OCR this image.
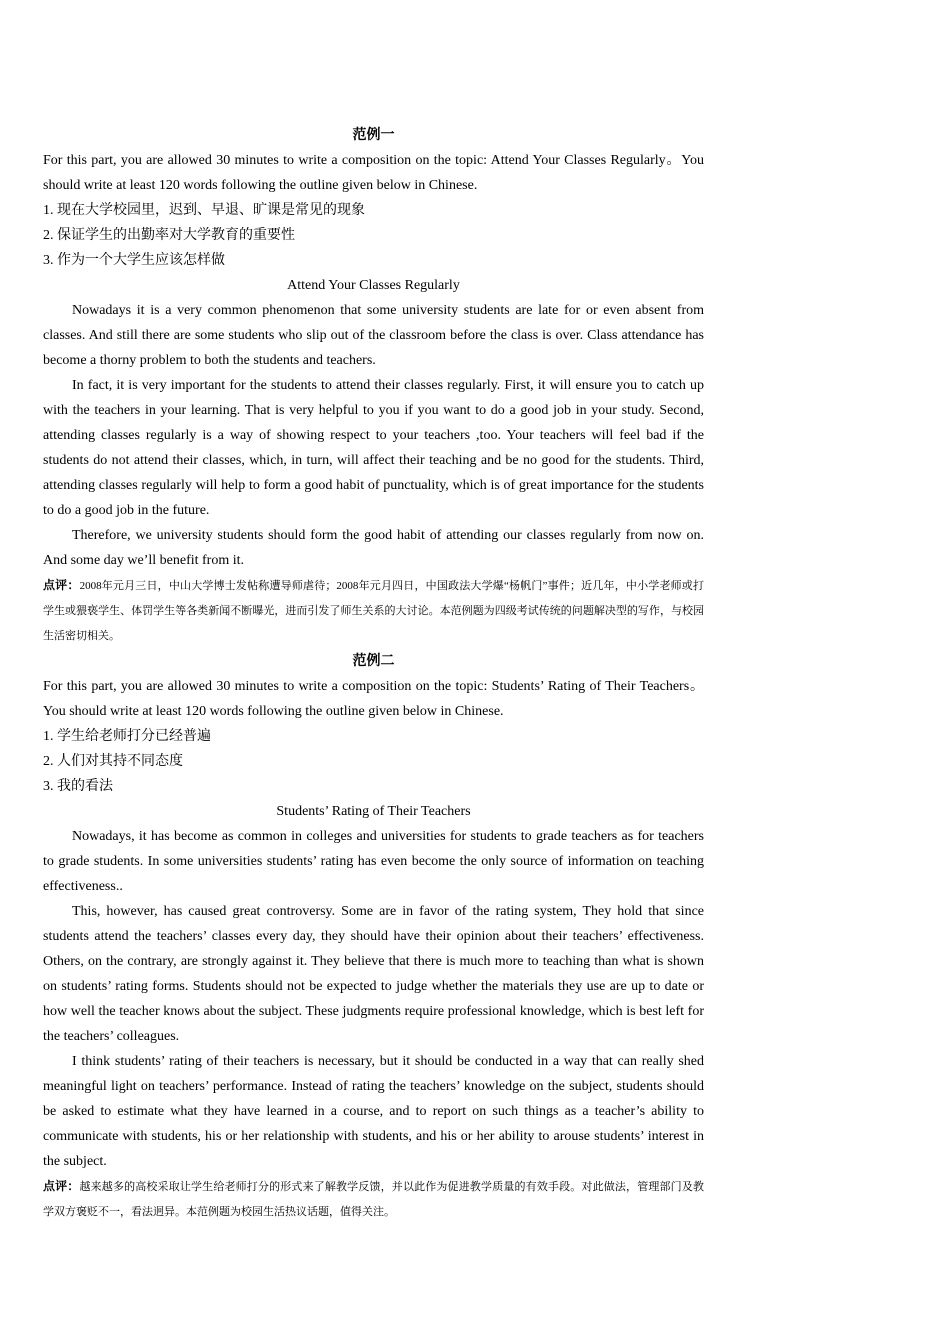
范例一

For this part, you are allowed 30 minutes to write a composition on the topic: Attend Your Classes Regularly。You should write at least 120 words following the outline given below in Chinese.

1. 现在大学校园里，迟到、早退、旷课是常见的现象

2. 保证学生的出勤率对大学教育的重要性

3. 作为一个大学生应该怎样做

Attend Your Classes Regularly

Nowadays it is a very common phenomenon that some university students are late for or even absent from classes. And still there are some students who slip out of the classroom before the class is over. Class attendance has become a thorny problem to both the students and teachers.

In fact, it is very important for the students to attend their classes regularly. First, it will ensure you to catch up with the teachers in your learning. That is very helpful to you if you want to do a good job in your study. Second, attending classes regularly is a way of showing respect to your teachers ,too. Your teachers will feel bad if the students do not attend their classes, which, in turn, will affect their teaching and be no good for the students. Third, attending classes regularly will help to form a good habit of punctuality, which is of great importance for the students to do a good job in the future.

Therefore, we university students should form the good habit of attending our classes regularly from now on. And some day we’ll benefit from it.

点评：2008年元月三日，中山大学博士发帖称遭导师虐待；2008年元月四日，中国政法大学爆“杨帆门”事件；近几年，中小学老师或打学生或猥亵学生、体罚学生等各类新闻不断曝光，进而引发了师生关系的大讨论。本范例题为四级考试传统的问题解决型的写作，与校园生活密切相关。

范例二

For this part, you are allowed 30 minutes to write a composition on the topic: Students’ Rating of Their Teachers。You should write at least 120 words following the outline given below in Chinese.

1. 学生给老师打分已经普遍

2. 人们对其持不同态度

3. 我的看法

Students’ Rating of Their Teachers

Nowadays, it has become as common in colleges and universities for students to grade teachers as for teachers to grade students. In some universities students’ rating has even become the only source of information on teaching effectiveness..

This, however, has caused great controversy. Some are in favor of the rating system, They hold that since students attend the teachers’ classes every day, they should have their opinion about their teachers’ effectiveness. Others, on the contrary, are strongly against it. They believe that there is much more to teaching than what is shown on students’ rating forms. Students should not be expected to judge whether the materials they use are up to date or how well the teacher knows about the subject. These judgments require professional knowledge, which is best left for the teachers’ colleagues.

I think students’ rating of their teachers is necessary, but it should be conducted in a way that can really shed meaningful light on teachers’ performance. Instead of rating the teachers’ knowledge on the subject, students should be asked to estimate what they have learned in a course, and to report on such things as a teacher’s ability to communicate with students, his or her relationship with students, and his or her ability to arouse students’ interest in the subject.

点评：越来越多的高校采取让学生给老师打分的形式来了解教学反馈，并以此作为促进教学质量的有效手段。对此做法，管理部门及教学双方褒贬不一，看法迥异。本范例题为校园生活热议话题，值得关注。
